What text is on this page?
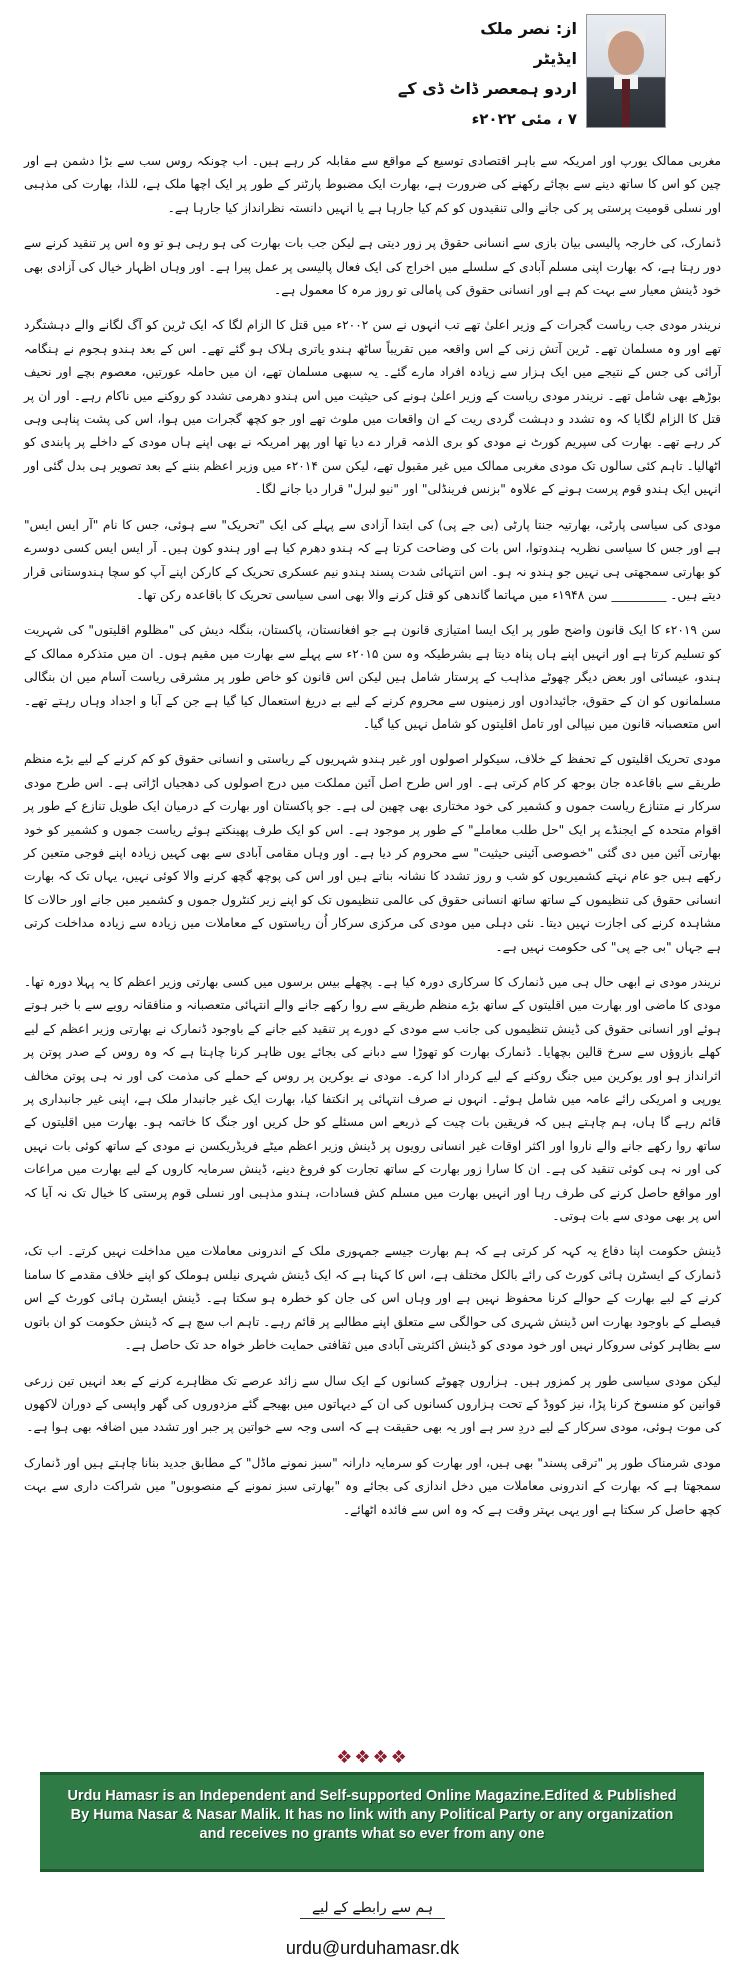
از: نصر ملک
ایڈیٹر
اردو ہمعصر ڈاٹ ڈی کے
۷ ، مئی ۲۰۲۲ء

مغربی ممالک یورپ اور امریکہ سے باہر اقتصادی توسیع کے مواقع سے مقابلہ کر رہے ہیں۔ اب چونکہ روس سب سے بڑا دشمن ہے اور چین کو اس کا ساتھ دینے سے بچائے رکھنے کی ضرورت ہے، بھارت ایک مضبوط پارٹنر کے طور پر ایک اچھا ملک ہے، للذا، بھارت کی مذہبی اور نسلی قومیت پرستی پر کی جانے والی تنقیدوں کو کم کیا جارہا ہے یا انہیں دانستہ نظرانداز کیا جارہا ہے۔

ڈنمارک، کی خارجہ پالیسی بیان بازی سے انسانی حقوق پر زور دیتی ہے لیکن جب بات بھارت کی ہو رہی ہو تو وہ اس پر تنقید کرنے سے دور رہتا ہے، کہ بھارت اپنی مسلم آبادی کے سلسلے میں اخراج کی ایک فعال پالیسی پر عمل پیرا ہے۔ اور وہاں اظہار خیال کی آزادی بھی خود ڈینش معیار سے بہت کم ہے اور انسانی حقوق کی پامالی تو روز مرہ کا معمول ہے۔

نریندر مودی جب ریاست گجرات کے وزیر اعلیٰ تھے تب انہوں نے سن ۲۰۰۲ء میں قتل کا الزام لگا کہ ایک ٹرین کو آگ لگانے والے دہشتگرد تھے اور وہ مسلمان تھے۔ ٹرین آتش زنی کے اس واقعہ میں تقریباً ساٹھ ہندو یاتری ہلاک ہو گئے تھے۔ اس کے بعد ہندو ہجوم نے ہنگامہ آرائی کی جس کے نتیجے میں ایک ہزار سے زیادہ افراد مارے گئے۔ یہ سبھی مسلمان تھے، ان میں حاملہ عورتیں، معصوم بچے اور نحیف بوڑھے بھی شامل تھے۔ نریندر مودی ریاست کے وزیر اعلیٰ ہونے کی حیثیت میں اس ہندو دھرمی تشدد کو روکنے میں ناکام رہے۔ اور ان پر قتل کا الزام لگایا کہ وہ تشدد و دہشت گردی ریت کے ان واقعات میں ملوث تھے اور جو کچھ گجرات میں ہوا، اس کی پشت پناہی وہی کر رہے تھے۔ بھارت کی سپریم کورٹ نے مودی کو بری الذمہ قرار دے دیا تھا اور پھر امریکہ نے بھی اپنے ہاں مودی کے داخلے پر پابندی کو اٹھالیا۔ تاہم کئی سالوں تک مودی مغربی ممالک میں غیر مقبول تھے، لیکن سن ۲۰۱۴ء میں وزیر اعظم بننے کے بعد تصویر ہی بدل گئی اور انہیں ایک ہندو قوم پرست ہونے کے علاوہ "بزنس فرینڈلی" اور "نیو لبرل" قرار دیا جانے لگا۔

مودی کی سیاسی پارٹی، بھارتیہ جنتا پارٹی (بی جے پی) کی ابتدا آزادی سے پہلے کی ایک "تحریک" سے ہوئی، جس کا نام "آر ایس ایس" ہے اور جس کا سیاسی نظریہ ہندوتوا، اس بات کی وضاحت کرتا ہے کہ ہندو دھرم کیا ہے اور ہندو کون ہیں۔ آر ایس ایس کسی دوسرے کو بھارتی سمجھتی ہی نہیں جو ہندو نہ ہو۔ اس انتہائی شدت پسند ہندو نیم عسکری تحریک کے کارکن اپنے آپ کو سچا ہندوستانی قرار دیتے ہیں۔ _________ سن ۱۹۴۸ء میں مہاتما گاندھی کو قتل کرنے والا بھی اسی سیاسی تحریک کا باقاعدہ رکن تھا۔

سن ۲۰۱۹ء کا ایک قانون واضح طور پر ایک ایسا امتیازی قانون ہے جو افغانستان، پاکستان، بنگلہ دیش کی "مظلوم اقلیتوں" کی شہریت کو تسلیم کرتا ہے اور انہیں اپنے ہاں پناہ دیتا ہے بشرطیکہ وہ سن ۲۰۱۵ء سے پہلے سے بھارت میں مقیم ہوں۔ ان میں متذکرہ ممالک کے ہندو، عیسائی اور بعض دیگر چھوٹے مذاہب کے پرستار شامل ہیں لیکن اس قانون کو خاص طور پر مشرقی ریاست آسام میں ان بنگالی مسلمانوں کو ان کے حقوق، جائیدادوں اور زمینوں سے محروم کرنے کے لیے بے دریغ استعمال کیا گیا ہے جن کے آبا و اجداد وہاں رہتے تھے۔ اس متعصبانہ قانون میں نیپالی اور تامل اقلیتوں کو شامل نہیں کیا گیا۔

مودی تحریک اقلیتوں کے تحفظ کے خلاف، سیکولر اصولوں اور غیر ہندو شہریوں کے ریاستی و انسانی حقوق کو کم کرنے کے لیے بڑے منظم طریقے سے باقاعدہ جان بوجھ کر کام کرتی ہے۔ اور اس طرح اصل آئین مملکت میں درج اصولوں کی دھجیاں اڑاتی ہے۔ اس طرح مودی سرکار نے متنازع ریاست جموں و کشمیر کی خود مختاری بھی چھین لی ہے۔ جو پاکستان اور بھارت کے درمیان ایک طویل تنازع کے طور پر اقوام متحدہ کے ایجنڈے پر ایک "حل طلب معاملے" کے طور پر موجود ہے۔ اس کو ایک طرف پھینکتے ہوئے ریاست جموں و کشمیر کو خود بھارتی آئین میں دی گئی "خصوصی آئینی حیثیت" سے محروم کر دیا ہے۔ اور وہاں مقامی آبادی سے بھی کہیں زیادہ اپنے فوجی متعین کر رکھے ہیں جو عام نہتے کشمیریوں کو شب و روز تشدد کا نشانہ بناتے ہیں اور اس کی پوچھ گچھ کرنے والا کوئی نہیں، یہاں تک کہ بھارت انسانی حقوق کی تنظیموں کے ساتھ ساتھ انسانی حقوق کی عالمی تنظیموں تک کو اپنے زیر کنٹرول جموں و کشمیر میں جانے اور حالات کا مشاہدہ کرنے کی اجازت نہیں دیتا۔ نئی دہلی میں مودی کی مرکزی سرکار اُن ریاستوں کے معاملات میں زیادہ سے زیادہ مداخلت کرتی ہے جہاں "بی جے پی" کی حکومت نہیں ہے۔

نریندر مودی نے ابھی حال ہی میں ڈنمارک کا سرکاری دورہ کیا ہے۔ پچھلے بیس برسوں میں کسی بھارتی وزیر اعظم کا یہ پہلا دورہ تھا۔ مودی کا ماضی اور بھارت میں اقلیتوں کے ساتھ بڑے منظم طریقے سے روا رکھے جانے والے انتہائی متعصبانہ و منافقانہ رویے سے با خبر ہوتے ہوئے اور انسانی حقوق کی ڈینش تنظیموں کی جانب سے مودی کے دورے پر تنقید کیے جانے کے باوجود ڈنمارک نے بھارتی وزیر اعظم کے لیے کھلے بازوؤں سے سرخ قالین بچھایا۔ ڈنمارک بھارت کو تھوڑا سے دبانے کی بجائے یوں ظاہر کرنا چاہتا ہے کہ وہ روس کے صدر پوتن پر اثرانداز ہو اور یوکرین میں جنگ روکنے کے لیے کردار ادا کرے۔ مودی نے یوکرین پر روس کے حملے کی مذمت کی اور نہ ہی پوتن مخالف یورپی و امریکی رائے عامہ میں شامل ہوئے۔ انہوں نے صرف انتہائی پر انکتفا کیا، بھارت ایک غیر جانبدار ملک ہے، اپنی غیر جانبداری پر قائم رہے گا ہاں، ہم چاہتے ہیں کہ فریقین بات چیت کے ذریعے اس مسئلے کو حل کریں اور جنگ کا خاتمہ ہو۔ بھارت میں اقلیتوں کے ساتھ روا رکھے جانے والے ناروا اور اکثر اوقات غیر انسانی رویوں پر ڈینش وزیر اعظم میٹے فریڈریکسن نے مودی کے ساتھ کوئی بات نہیں کی اور نہ ہی کوئی تنقید کی ہے۔ ان کا سارا زور بھارت کے ساتھ تجارت کو فروغ دینے، ڈینش سرمایہ کاروں کے لیے بھارت میں مراعات اور مواقع حاصل کرنے کی طرف رہا اور انہیں بھارت میں مسلم کش فسادات، ہندو مذہبی اور نسلی قوم پرستی کا خیال تک نہ آیا کہ اس پر بھی مودی سے بات ہوتی۔

ڈینش حکومت اپنا دفاع یہ کہہ کر کرتی ہے کہ ہم بھارت جیسے جمہوری ملک کے اندرونی معاملات میں مداخلت نہیں کرتے۔ اب تک، ڈنمارک کے ایسٹرن ہائی کورٹ کی رائے بالکل مختلف ہے، اس کا کہنا ہے کہ ایک ڈینش شہری نیلس ہوملک کو اپنے خلاف مقدمے کا سامنا کرنے کے لیے بھارت کے حوالے کرنا محفوظ نہیں ہے اور وہاں اس کی جان کو خطرہ ہو سکتا ہے۔ ڈینش ایسٹرن ہائی کورٹ کے اس فیصلے کے باوجود بھارت اس ڈینش شہری کی حوالگی سے متعلق اپنے مطالبے پر قائم رہے۔ تاہم اب سچ ہے کہ ڈینش حکومت کو ان باتوں سے بظاہر کوئی سروکار نہیں اور خود مودی کو ڈینش اکثریتی آبادی میں ثقافتی حمایت خاطر خواہ حد تک حاصل ہے۔

لیکن مودی سیاسی طور پر کمزور ہیں۔ ہزاروں چھوٹے کسانوں کے ایک سال سے زائد عرصے تک مظاہرے کرنے کے بعد انہیں تین زرعی قوانین کو منسوخ کرنا پڑا، نیز کووڈ کے تحت ہزاروں کسانوں کی ان کے دیہاتوں میں بھیجے گئے مزدوروں کی گھر واپسی کے دوران لاکھوں کی موت ہوئی، مودی سرکار کے لیے دردِ سر ہے اور یہ بھی حقیقت ہے کہ اسی وجہ سے خواتین پر جبر اور تشدد میں اضافہ بھی ہوا ہے۔

مودی شرمناک طور پر "ترقی پسند" بھی ہیں، اور بھارت کو سرمایہ دارانہ "سبز نمونے ماڈل" کے مطابق جدید بنانا چاہتے ہیں اور ڈنمارک سمجھتا ہے کہ بھارت کے اندرونی معاملات میں دخل اندازی کی بجائے وہ "بھارتی سبز نمونے کے منصوبوں" میں شراکت داری سے بہت کچھ حاصل کر سکتا ہے اور یہی بہتر وقت ہے کہ وہ اس سے فائدہ اٹھائے۔

❖❖❖❖
Urdu Hamasr is an Independent and Self-supported Online Magazine.Edited & Published By Huma Nasar & Nasar Malik. It has no link with any Political Party or any organization and receives no grants what so ever from any one
ہم سے رابطے کے لیے
urdu@urduhamasr.dk
